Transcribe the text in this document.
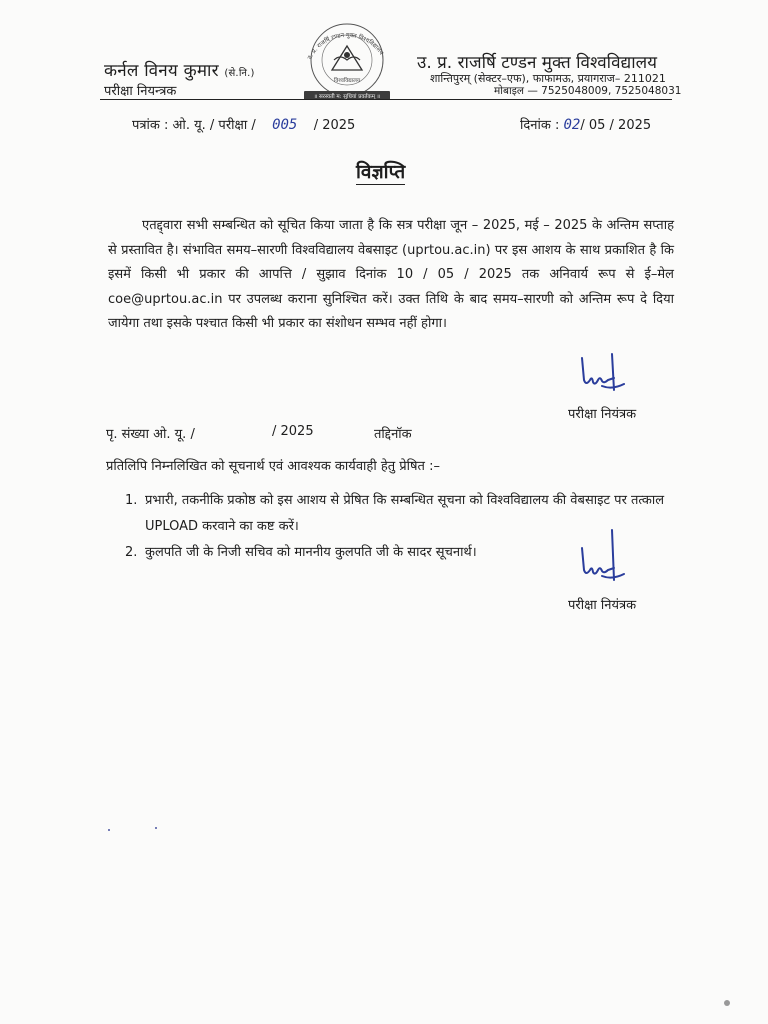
कर्नल विनय कुमार (से.नि.)
परीक्षा नियन्त्रक
उ. प्र. राजर्षि टण्डन मुक्त विश्वविद्यालय
विश्वविद्यालय
॥ सरस्वती म: सुधियां प्रवर्तकम् ॥
उ. प्र. राजर्षि टण्डन मुक्त विश्वविद्यालय
शान्तिपुरम् (सेक्टर–एफ), फाफामऊ, प्रयागराज– 211021
मोबाइल — 7525048009, 7525048031
पत्रांक : ओ. यू. / परीक्षा / 005 / 2025	दिनांक : 02/ 05 / 2025
विज्ञप्ति
एतद्द्वारा सभी सम्बन्धित को सूचित किया जाता है कि सत्र परीक्षा जून – 2025, मई – 2025 के अन्तिम सप्ताह से प्रस्तावित है। संभावित समय–सारणी विश्वविद्यालय वेबसाइट (uprtou.ac.in) पर इस आशय के साथ प्रकाशित है कि इसमें किसी भी प्रकार की आपत्ति / सुझाव दिनांक 10 / 05 / 2025 तक अनिवार्य रूप से ई–मेल coe@uprtou.ac.in पर उपलब्ध कराना सुनिश्चित करें। उक्त तिथि के बाद समय–सारणी को अन्तिम रूप दे दिया जायेगा तथा इसके पश्चात किसी भी प्रकार का संशोधन सम्भव नहीं होगा।
परीक्षा नियंत्रक
पृ. संख्या ओ. यू. /	/ 2025	तद्दिनॉक
प्रतिलिपि निम्नलिखित को सूचनार्थ एवं आवश्यक कार्यवाही हेतु प्रेषित :–
1. प्रभारी, तकनीकि प्रकोष्ठ को इस आशय से प्रेषित कि सम्बन्धित सूचना को विश्वविद्यालय की वेबसाइट पर तत्काल UPLOAD करवाने का कष्ट करें।
2. कुलपति जी के निजी सचिव को माननीय कुलपति जी के सादर सूचनार्थ।
परीक्षा नियंत्रक
